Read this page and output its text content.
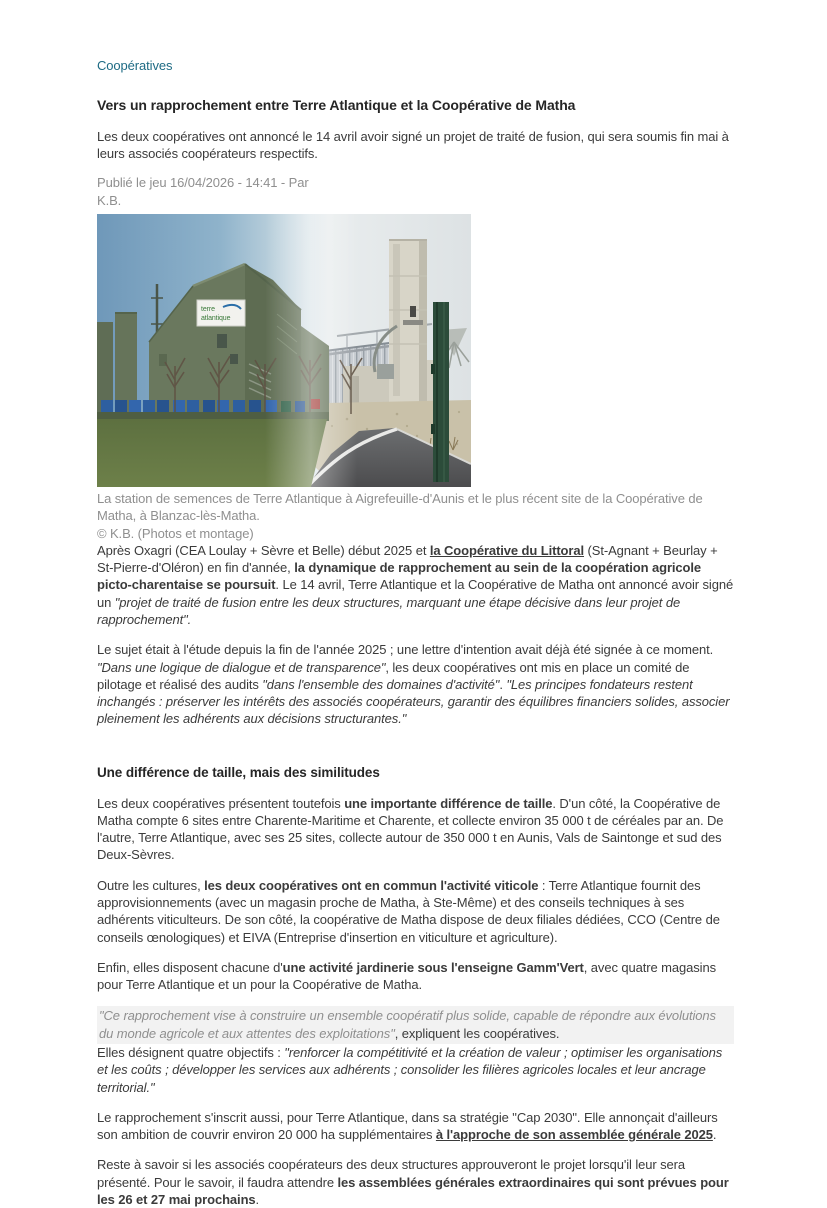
Coopératives
Vers un rapprochement entre Terre Atlantique et la Coopérative de Matha

Les deux coopératives ont annoncé le 14 avril avoir signé un projet de traité de fusion, qui sera soumis fin mai à leurs associés coopérateurs respectifs.

Publié le jeu 16/04/2026 - 14:41 - Par
K.B.
terre
atlantique
La station de semences de Terre Atlantique à Aigrefeuille-d'Aunis et le plus récent site de la Coopérative de Matha, à Blanzac-lès-Matha.
© K.B. (Photos et montage)

Après Oxagri (CEA Loulay + Sèvre et Belle) début 2025 et la Coopérative du Littoral (St-Agnant + Beurlay + St-Pierre-d'Oléron) en fin d'année, la dynamique de rapprochement au sein de la coopération agricole picto-charentaise se poursuit. Le 14 avril, Terre Atlantique et la Coopérative de Matha ont annoncé avoir signé un "projet de traité de fusion entre les deux structures, marquant une étape décisive dans leur projet de rapprochement".

Le sujet était à l'étude depuis la fin de l'année 2025 ; une lettre d'intention avait déjà été signée à ce moment. "Dans une logique de dialogue et de transparence", les deux coopératives ont mis en place un comité de pilotage et réalisé des audits "dans l'ensemble des domaines d'activité". "Les principes fondateurs restent inchangés : préserver les intérêts des associés coopérateurs, garantir des équilibres financiers solides, associer pleinement les adhérents aux décisions structurantes."

Une différence de taille, mais des similitudes

Les deux coopératives présentent toutefois une importante différence de taille. D'un côté, la Coopérative de Matha compte 6 sites entre Charente-Maritime et Charente, et collecte environ 35 000 t de céréales par an. De l'autre, Terre Atlantique, avec ses 25 sites, collecte autour de 350 000 t en Aunis, Vals de Saintonge et sud des Deux-Sèvres.

Outre les cultures, les deux coopératives ont en commun l'activité viticole : Terre Atlantique fournit des approvisionnements (avec un magasin proche de Matha, à Ste-Même) et des conseils techniques à ses adhérents viticulteurs. De son côté, la coopérative de Matha dispose de deux filiales dédiées, CCO (Centre de conseils œnologiques) et EIVA (Entreprise d'insertion en viticulture et agriculture).

Enfin, elles disposent chacune d'une activité jardinerie sous l'enseigne Gamm'Vert, avec quatre magasins pour Terre Atlantique et un pour la Coopérative de Matha.

"Ce rapprochement vise à construire un ensemble coopératif plus solide, capable de répondre aux évolutions du monde agricole et aux attentes des exploitations", expliquent les coopératives.

Elles désignent quatre objectifs : "renforcer la compétitivité et la création de valeur ; optimiser les organisations et les coûts ; développer les services aux adhérents ; consolider les filières agricoles locales et leur ancrage territorial."

Le rapprochement s'inscrit aussi, pour Terre Atlantique, dans sa stratégie "Cap 2030". Elle annonçait d'ailleurs son ambition de couvrir environ 20 000 ha supplémentaires à l'approche de son assemblée générale 2025.

Reste à savoir si les associés coopérateurs des deux structures approuveront le projet lorsqu'il leur sera présenté. Pour le savoir, il faudra attendre les assemblées générales extraordinaires qui sont prévues pour les 26 et 27 mai prochains.
